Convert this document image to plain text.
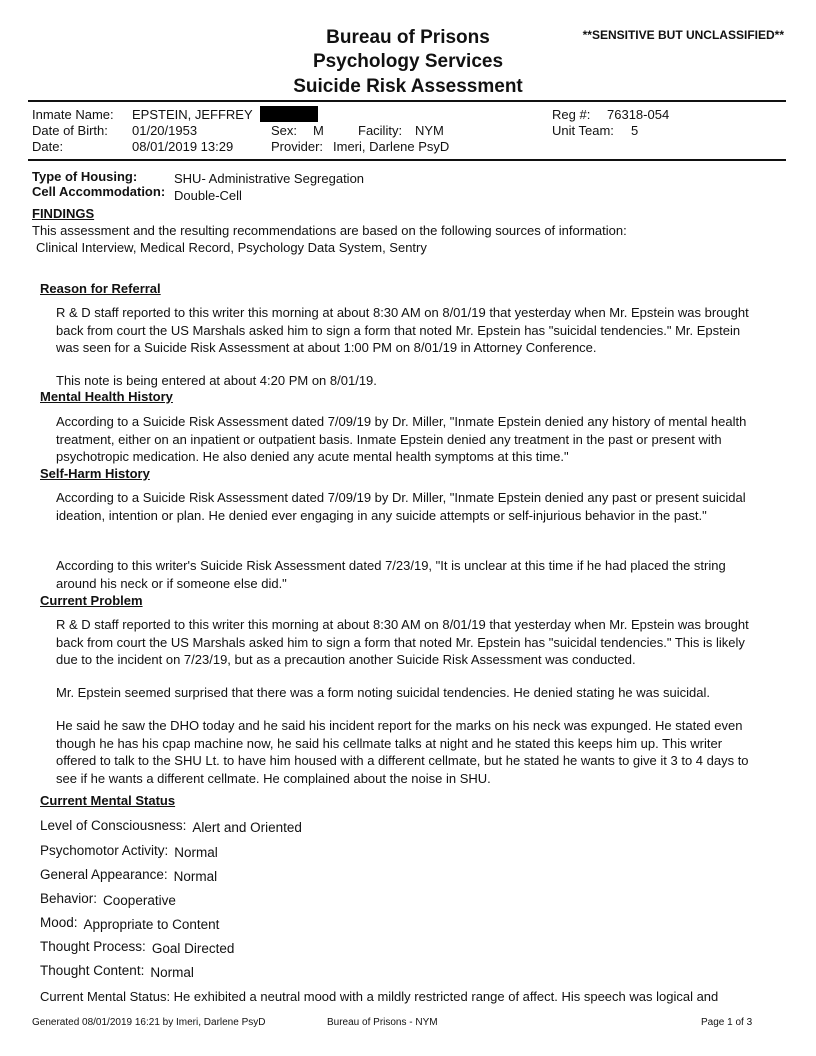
Bureau of Prisons
Psychology Services
Suicide Risk Assessment
**SENSITIVE BUT UNCLASSIFIED**
Inmate Name: EPSTEIN, JEFFREY
Date of Birth: 01/20/1953	Sex: M	Facility: NYM
Date:	08/01/2019 13:29	Provider: Imeri, Darlene PsyD
Reg #: 76318-054
Unit Team: 5
Type of Housing:	SHU- Administrative Segregation
Cell Accommodation: Double-Cell
FINDINGS
This assessment and the resulting recommendations are based on the following sources of information:
Clinical Interview, Medical Record, Psychology Data System, Sentry
Reason for Referral
R & D staff reported to this writer this morning at about 8:30 AM on 8/01/19 that yesterday when Mr. Epstein was brought back from court the US Marshals asked him to sign a form that noted Mr. Epstein has "suicidal tendencies." Mr. Epstein was seen for a Suicide Risk Assessment at about 1:00 PM on 8/01/19 in Attorney Conference.
This note is being entered at about 4:20 PM on 8/01/19.
Mental Health History
According to a Suicide Risk Assessment dated 7/09/19 by Dr. Miller, "Inmate Epstein denied any history of mental health treatment, either on an inpatient or outpatient basis. Inmate Epstein denied any treatment in the past or present with psychotropic medication. He also denied any acute mental health symptoms at this time."
Self-Harm History
According to a Suicide Risk Assessment dated 7/09/19 by Dr. Miller, "Inmate Epstein denied any past or present suicidal ideation, intention or plan. He denied ever engaging in any suicide attempts or self-injurious behavior in the past."
According to this writer's Suicide Risk Assessment dated 7/23/19, "It is unclear at this time if he had placed the string around his neck or if someone else did."
Current Problem
R & D staff reported to this writer this morning at about 8:30 AM on 8/01/19 that yesterday when Mr. Epstein was brought back from court the US Marshals asked him to sign a form that noted Mr. Epstein has "suicidal tendencies." This is likely due to the incident on 7/23/19, but as a precaution another Suicide Risk Assessment was conducted.
Mr. Epstein seemed surprised that there was a form noting suicidal tendencies. He denied stating he was suicidal.
He said he saw the DHO today and he said his incident report for the marks on his neck was expunged. He stated even though he has his cpap machine now, he said his cellmate talks at night and he stated this keeps him up. This writer offered to talk to the SHU Lt. to have him housed with a different cellmate, but he stated he wants to give it 3 to 4 days to see if he wants a different cellmate. He complained about the noise in SHU.
Current Mental Status
Level of Consciousness: Alert and Oriented
Psychomotor Activity: Normal
General Appearance: Normal
Behavior: Cooperative
Mood: Appropriate to Content
Thought Process: Goal Directed
Thought Content: Normal
Current Mental Status: He exhibited a neutral mood with a mildly restricted range of affect. His speech was logical and
Generated 08/01/2019 16:21 by Imeri, Darlene PsyD	Bureau of Prisons - NYM	Page 1 of 3
